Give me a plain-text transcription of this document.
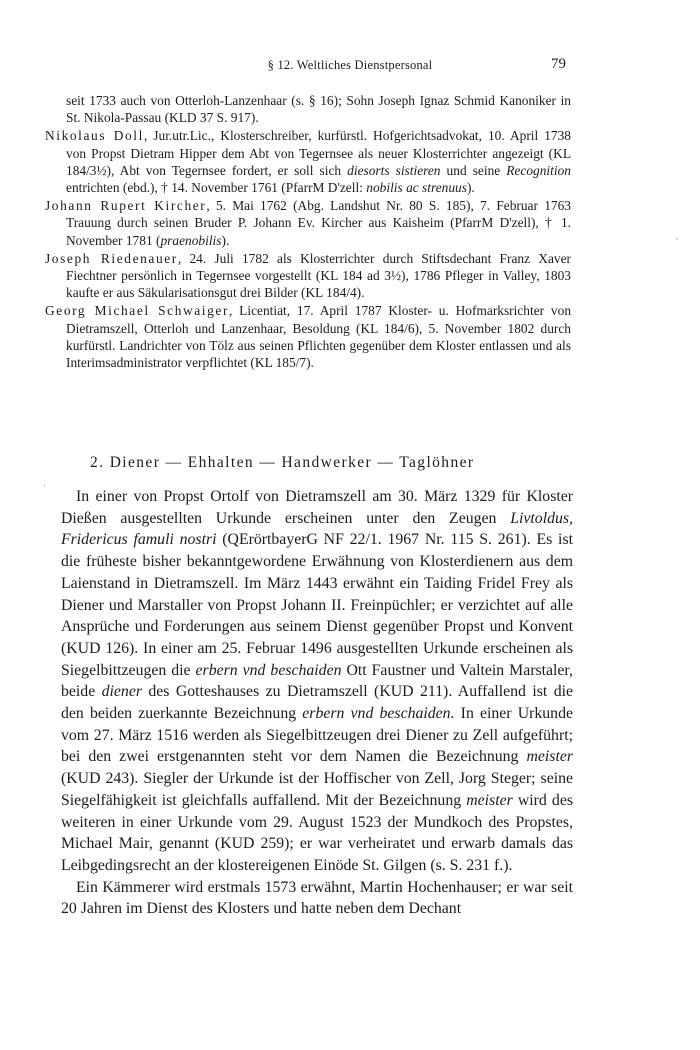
§ 12. Weltliches Dienstpersonal	79

seit 1733 auch von Otterloh-Lanzenhaar (s. § 16); Sohn Joseph Ignaz Schmid Kanoniker in St. Nikola-Passau (KLD 37 S. 917).

Nikolaus Doll, Jur.utr.Lic., Klosterschreiber, kurfürstl. Hofgerichtsadvokat, 10. April 1738 von Propst Dietram Hipper dem Abt von Tegernsee als neuer Klosterrichter angezeigt (KL 184/3½), Abt von Tegernsee fordert, er soll sich diesorts sistieren und seine Recognition entrichten (ebd.), † 14. November 1761 (PfarrM D'zell: nobilis ac strenuus).

Johann Rupert Kircher, 5. Mai 1762 (Abg. Landshut Nr. 80 S. 185), 7. Februar 1763 Trauung durch seinen Bruder P. Johann Ev. Kircher aus Kaisheim (PfarrM D'zell), † 1. November 1781 (praenobilis).

Joseph Riedenauer, 24. Juli 1782 als Klosterrichter durch Stiftsdechant Franz Xaver Fiechtner persönlich in Tegernsee vorgestellt (KL 184 ad 3½), 1786 Pfleger in Valley, 1803 kaufte er aus Säkularisationsgut drei Bilder (KL 184/4).

Georg Michael Schwaiger, Licentiat, 17. April 1787 Kloster- u. Hofmarksrichter von Dietramszell, Otterloh und Lanzenhaar, Besoldung (KL 184/6), 5. November 1802 durch kurfürstl. Landrichter von Tölz aus seinen Pflichten gegenüber dem Kloster entlassen und als Interimsadministrator verpflichtet (KL 185/7).

2. Diener — Ehhalten — Handwerker — Taglöhner

In einer von Propst Ortolf von Dietramszell am 30. März 1329 für Kloster Dießen ausgestellten Urkunde erscheinen unter den Zeugen Livtoldus, Fridericus famuli nostri (QErörtbayerG NF 22/1. 1967 Nr. 115 S. 261). Es ist die früheste bisher bekanntgewordene Erwähnung von Klosterdienern aus dem Laienstand in Dietramszell. Im März 1443 erwähnt ein Taiding Fridel Frey als Diener und Marstaller von Propst Johann II. Freinpüchler; er verzichtet auf alle Ansprüche und Forderungen aus seinem Dienst gegenüber Propst und Konvent (KUD 126). In einer am 25. Februar 1496 ausgestellten Urkunde erscheinen als Siegelbittzeugen die erbern vnd beschaiden Ott Faustner und Valtein Marstaler, beide diener des Gotteshauses zu Dietramszell (KUD 211). Auffallend ist die den beiden zuerkannte Bezeichnung erbern vnd beschaiden. In einer Urkunde vom 27. März 1516 werden als Siegelbittzeugen drei Diener zu Zell aufgeführt; bei den zwei erstgenannten steht vor dem Namen die Bezeichnung meister (KUD 243). Siegler der Urkunde ist der Hoffischer von Zell, Jorg Steger; seine Siegelfähigkeit ist gleichfalls auffallend. Mit der Bezeichnung meister wird des weiteren in einer Urkunde vom 29. August 1523 der Mundkoch des Propstes, Michael Mair, genannt (KUD 259); er war verheiratet und erwarb damals das Leibgedingsrecht an der klostereigenen Einöde St. Gilgen (s. S. 231 f.).

Ein Kämmerer wird erstmals 1573 erwähnt, Martin Hochenhauser; er war seit 20 Jahren im Dienst des Klosters und hatte neben dem Dechant
